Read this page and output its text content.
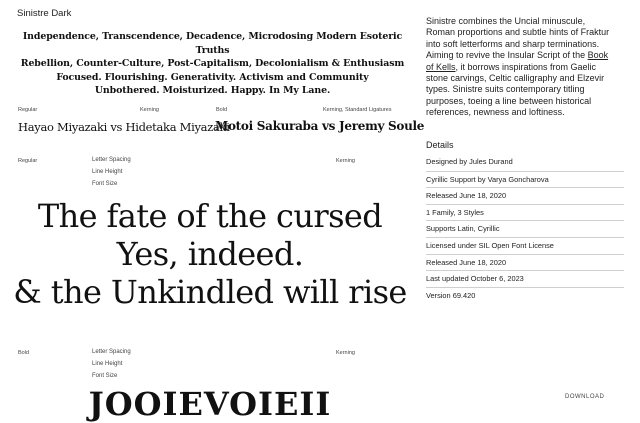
Sinistre Dark
Independence, Transcendence, Decadence, Microdosing Modern Esoteric Truths
Rebellion, Counter-Culture, Post-Capitalism, Decolonialism & Enthusiasm
Focused. Flourishing. Generativity. Activism and Community
Unbothered. Moisturized. Happy. In My Lane.
Regular	Kerning	Bold	Kerning, Standard Ligatures
Hayao Miyazaki vs Hidetaka Miyazaki
Motoi Sakuraba vs Jeremy Soule
Regular	Letter Spacing
Line Height
Font Size
Kerning
The fate of the cursed
Yes, indeed.
& the Unkindled will rise
Bold	Letter Spacing
Line Height
Font Size
Kerning
JOOIEVOIEII
Sinistre combines the Uncial minuscule, Roman proportions and subtle hints of Fraktur into soft letterforms and sharp terminations. Aiming to revive the Insular Script of the Book of Kells, it borrows inspirations from Gaelic stone carvings, Celtic calligraphy and Elzevir types. Sinistre suits contemporary titling purposes, toeing a line between historical references, newness and loftiness.
Details
Designed by Jules Durand
Cyrillic Support by Varya Goncharova
Released June 18, 2020
1 Family, 3 Styles
Supports Latin, Cyrillic
Licensed under SIL Open Font License
Released June 18, 2020
Last updated October 6, 2023
Version 69.420
DOWNLOAD
